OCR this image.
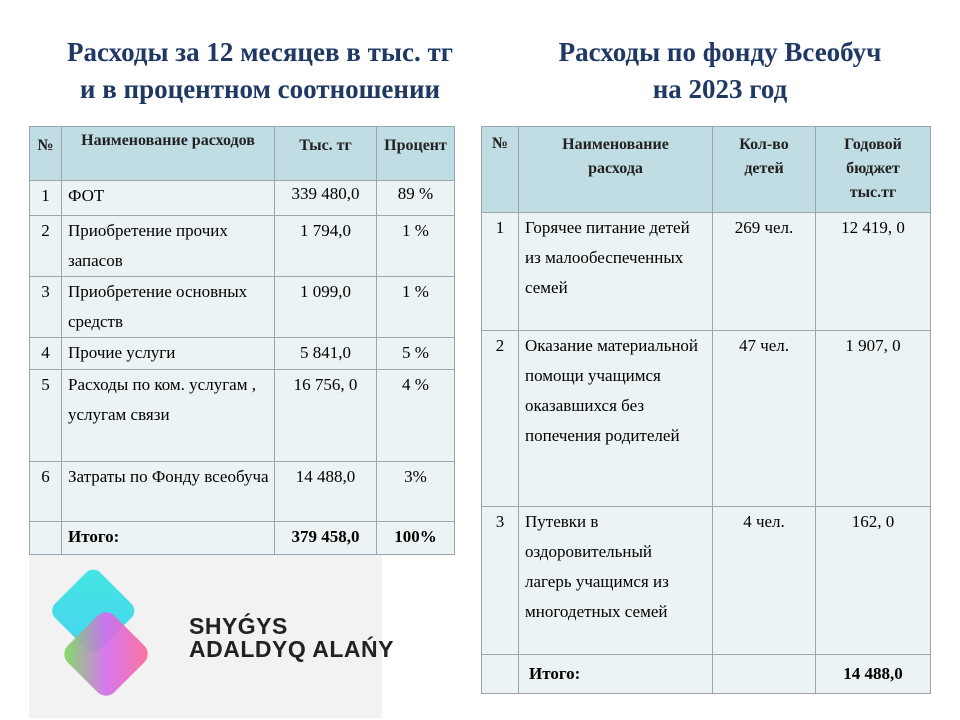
Расходы за 12 месяцев в тыс. тг
и в процентном соотношении
Расходы по фонду Всеобуч
на 2023 год
№	Наименование расходов	Тыс. тг	Процент
1	ФОТ	339 480,0	89 %
2	Приобретение прочих запасов	1 794,0	1 %
3	Приобретение основных средств	1 099,0	1 %
4	Прочие услуги	5 841,0	5 %
5	Расходы по ком. услугам , услугам связи	16 756, 0	4 %
6	Затраты по Фонду всеобуча	14 488,0	3%
	Итого:	379 458,0	100%
№	Наименование расхода	Кол-во детей	Годовой бюджет тыс.тг
1	Горячее питание детей из малообеспеченных семей	269 чел.	12 419, 0
2	Оказание материальной помощи учащимся оказавшихся без попечения родителей	47 чел.	1 907, 0
3	Путевки в оздоровительный лагерь учащимся из многодетных семей	4 чел.	162, 0
	Итого:		14 488,0
SHYǴYS
ADALDYQ ALAŃY
